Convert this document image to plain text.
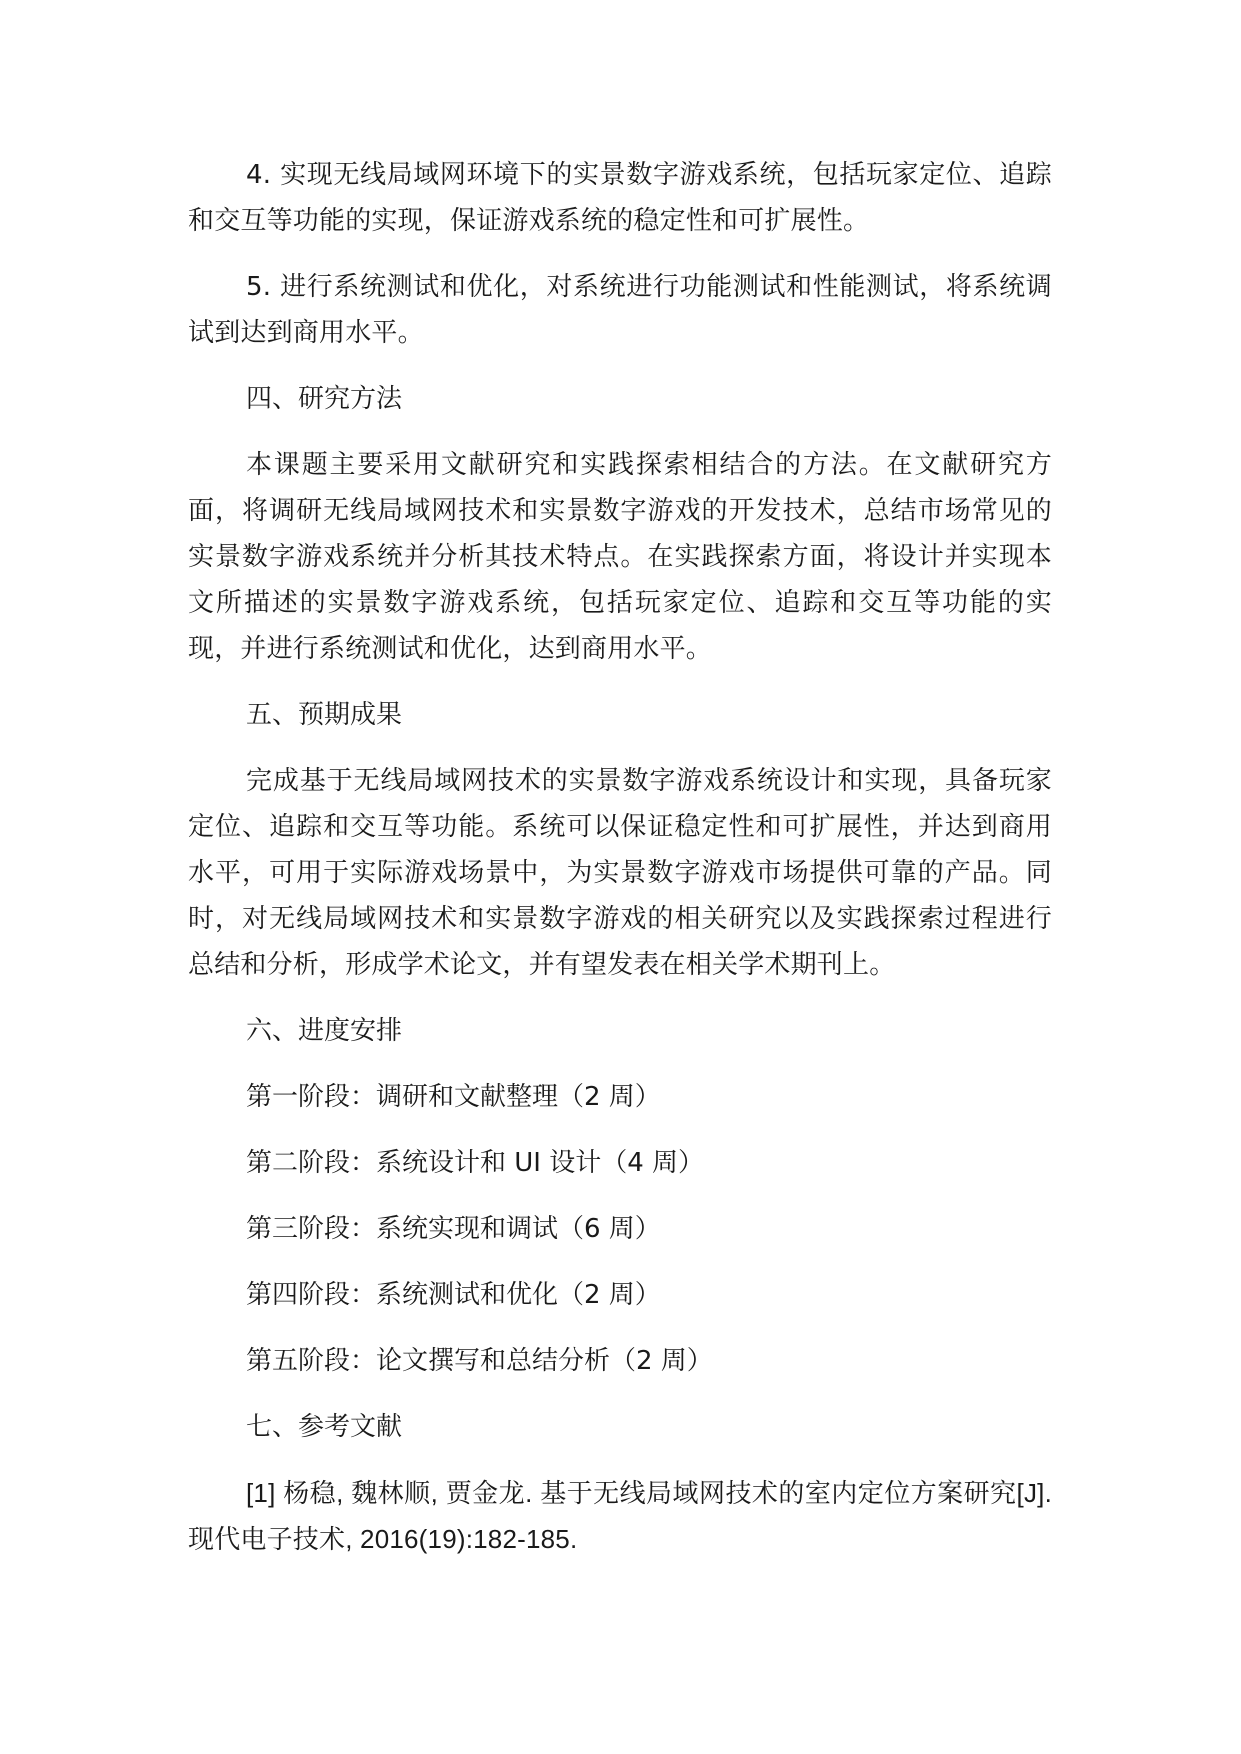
4. 实现无线局域网环境下的实景数字游戏系统，包括玩家定位、追踪和交互等功能的实现，保证游戏系统的稳定性和可扩展性。

5. 进行系统测试和优化，对系统进行功能测试和性能测试，将系统调试到达到商用水平。

四、研究方法

本课题主要采用文献研究和实践探索相结合的方法。在文献研究方面，将调研无线局域网技术和实景数字游戏的开发技术，总结市场常见的实景数字游戏系统并分析其技术特点。在实践探索方面，将设计并实现本文所描述的实景数字游戏系统，包括玩家定位、追踪和交互等功能的实现，并进行系统测试和优化，达到商用水平。

五、预期成果

完成基于无线局域网技术的实景数字游戏系统设计和实现，具备玩家定位、追踪和交互等功能。系统可以保证稳定性和可扩展性，并达到商用水平，可用于实际游戏场景中，为实景数字游戏市场提供可靠的产品。同时，对无线局域网技术和实景数字游戏的相关研究以及实践探索过程进行总结和分析，形成学术论文，并有望发表在相关学术期刊上。

六、进度安排

第一阶段：调研和文献整理（2 周）

第二阶段：系统设计和 UI 设计（4 周）

第三阶段：系统实现和调试（6 周）

第四阶段：系统测试和优化（2 周）

第五阶段：论文撰写和总结分析（2 周）

七、参考文献

[1] 杨稳, 魏林顺, 贾金龙. 基于无线局域网技术的室内定位方案研究[J]. 现代电子技术, 2016(19):182-185.
